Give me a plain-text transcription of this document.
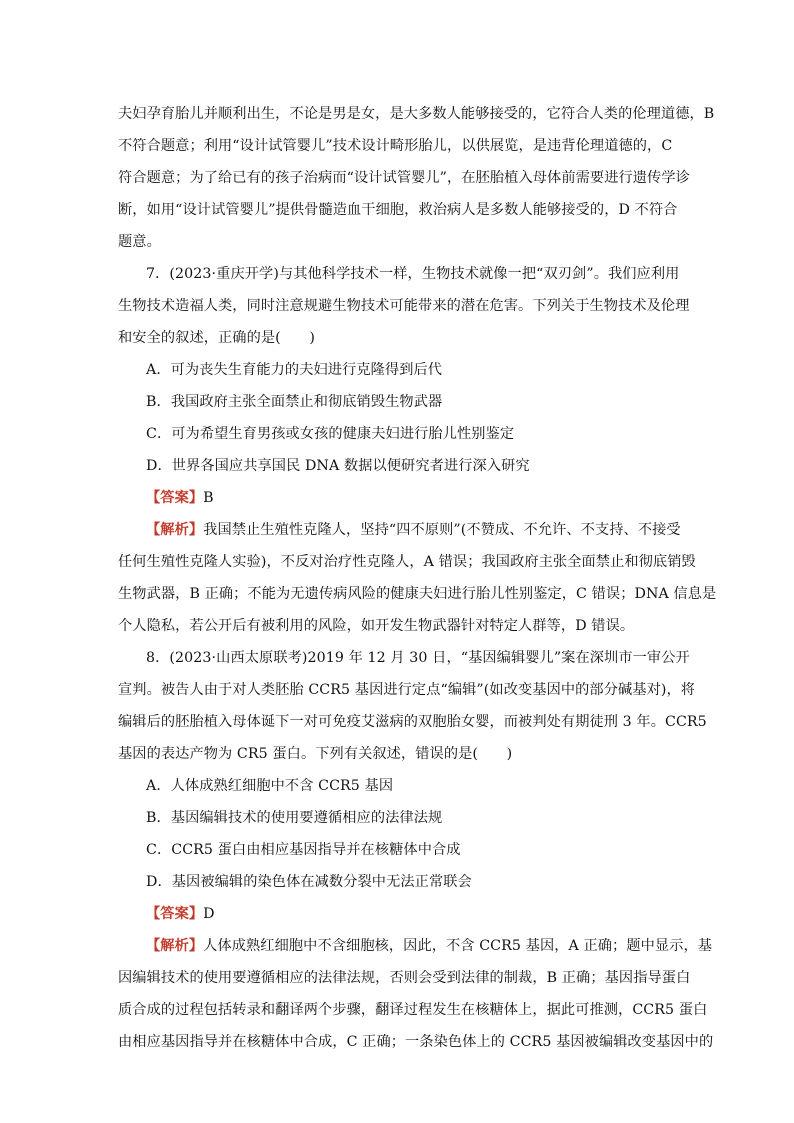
夫妇孕育胎儿并顺利出生，不论是男是女，是大多数人能够接受的，它符合人类的伦理道德，B
不符合题意；利用“设计试管婴儿”技术设计畸形胎儿，以供展览，是违背伦理道德的，C
符合题意；为了给已有的孩子治病而“设计试管婴儿”，在胚胎植入母体前需要进行遗传学诊
断，如用“设计试管婴儿”提供骨髓造血干细胞，救治病人是多数人能够接受的，D 不符合
题意。
7．(2023·重庆开学)与其他科学技术一样，生物技术就像一把“双刃剑”。我们应利用
生物技术造福人类，同时注意规避生物技术可能带来的潜在危害。下列关于生物技术及伦理
和安全的叙述，正确的是(　　)
A．可为丧失生育能力的夫妇进行克隆得到后代
B．我国政府主张全面禁止和彻底销毁生物武器
C．可为希望生育男孩或女孩的健康夫妇进行胎儿性别鉴定
D．世界各国应共享国民 DNA 数据以便研究者进行深入研究
【答案】B
【解析】我国禁止生殖性克隆人，坚持“四不原则”(不赞成、不允许、不支持、不接受
任何生殖性克隆人实验)，不反对治疗性克隆人，A 错误；我国政府主张全面禁止和彻底销毁
生物武器，B 正确；不能为无遗传病风险的健康夫妇进行胎儿性别鉴定，C 错误；DNA 信息是
个人隐私，若公开后有被利用的风险，如开发生物武器针对特定人群等，D 错误。
8．(2023·山西太原联考)2019 年 12 月 30 日，“基因编辑婴儿”案在深圳市一审公开
宣判。被告人由于对人类胚胎 CCR5 基因进行定点“编辑”(如改变基因中的部分碱基对)，将
编辑后的胚胎植入母体诞下一对可免疫艾滋病的双胞胎女婴，而被判处有期徒刑 3 年。CCR5
基因的表达产物为 CR5 蛋白。下列有关叙述，错误的是(　　)
A．人体成熟红细胞中不含 CCR5 基因
B．基因编辑技术的使用要遵循相应的法律法规
C．CCR5 蛋白由相应基因指导并在核糖体中合成
D．基因被编辑的染色体在减数分裂中无法正常联会
【答案】D
【解析】人体成熟红细胞中不含细胞核，因此，不含 CCR5 基因，A 正确；题中显示，基
因编辑技术的使用要遵循相应的法律法规，否则会受到法律的制裁，B 正确；基因指导蛋白
质合成的过程包括转录和翻译两个步骤，翻译过程发生在核糖体上，据此可推测，CCR5 蛋白
由相应基因指导并在核糖体中合成，C 正确；一条染色体上的 CCR5 基因被编辑改变基因中的
